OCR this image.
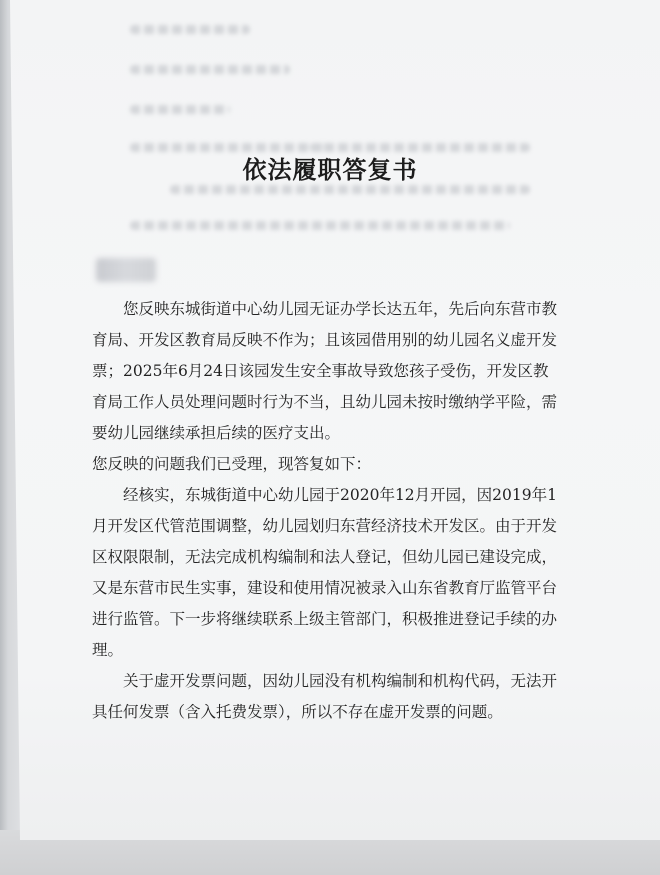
依法履职答复书

您反映东城街道中心幼儿园无证办学长达五年，先后向东营市教育局、开发区教育局反映不作为；且该园借用别的幼儿园名义虚开发票；2025年6月24日该园发生安全事故导致您孩子受伤，开发区教育局工作人员处理问题时行为不当，且幼儿园未按时缴纳学平险，需要幼儿园继续承担后续的医疗支出。

您反映的问题我们已受理，现答复如下：

经核实，东城街道中心幼儿园于2020年12月开园，因2019年1月开发区代管范围调整，幼儿园划归东营经济技术开发区。由于开发区权限限制，无法完成机构编制和法人登记，但幼儿园已建设完成，又是东营市民生实事，建设和使用情况被录入山东省教育厅监管平台进行监管。下一步将继续联系上级主管部门，积极推进登记手续的办理。

关于虚开发票问题，因幼儿园没有机构编制和机构代码，无法开具任何发票（含入托费发票），所以不存在虚开发票的问题。
